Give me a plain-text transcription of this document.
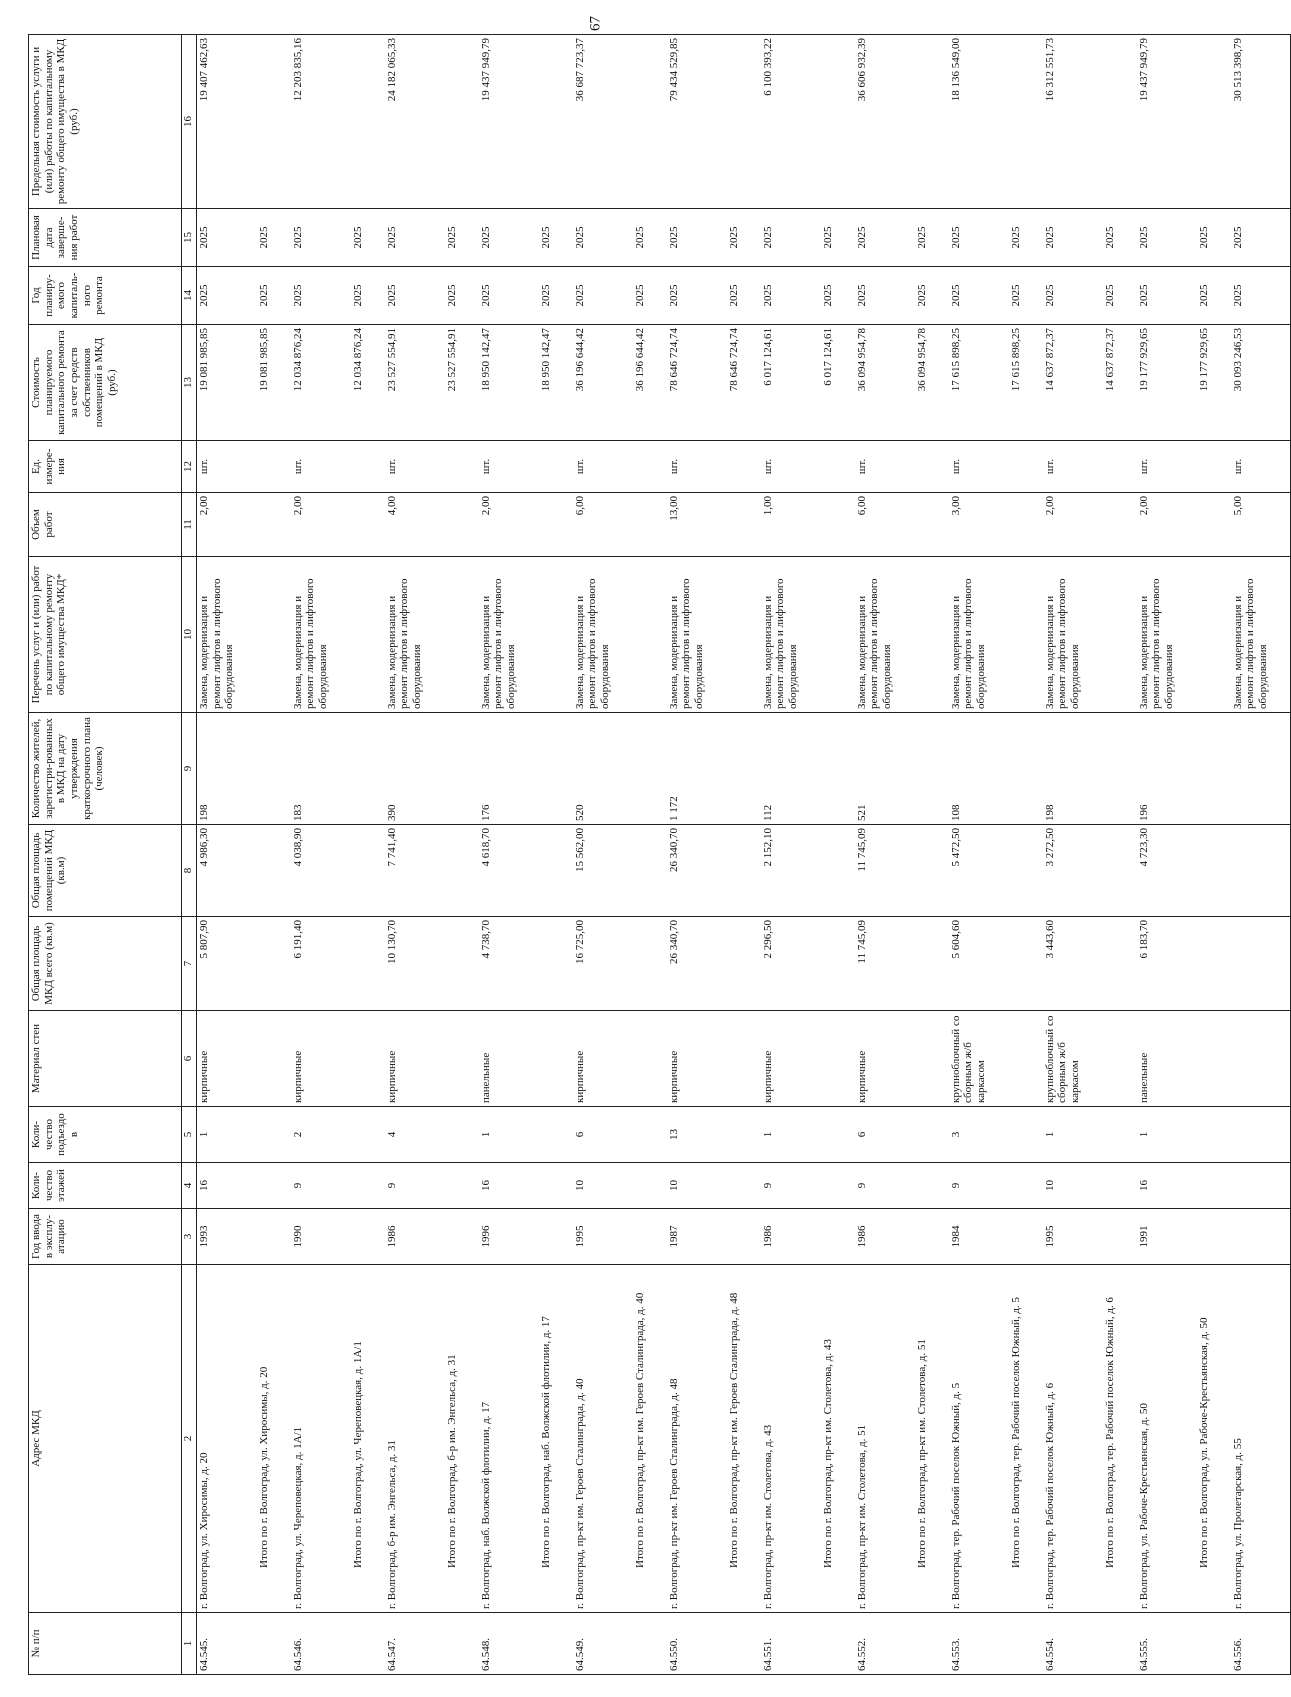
67
№ п/п	Адрес МКД	Год ввода в эксплу-атацию	Коли-чество этажей	Коли-чество подъездо в	Материал стен	Общая площадь МКД всего (кв.м)	Общая площадь помещений МКД (кв.м)	Количество жителей, зарегистри-рованных в МКД на дату утверждения краткосрочного плана (человек)	Перечень услуг и (или) работ по капитальному ремонту общего имущества МКД*	Объем работ	Ед. измере-ния	Стоимость планируемого капитального ремонта за счет средств собственников помещений в МКД (руб.)	Год планиру-емого капиталь-ного ремонта	Плановая дата заверше-ния работ	Предельная стоимость услуги и (или) работы по капитальному ремонту общего имущества в МКД (руб.)
1	2	3	4	5	6	7	8	9	10	11	12	13	14	15	16
64.545.	г. Волгоград, ул. Хиросимы, д. 20	1993	16	1	кирпичные	5 807,90	4 986,30	198	Замена, модернизация и ремонт лифтов и лифтового оборудования	2,00	шт.	19 081 985,85	2025	2025	19 407 462,63
	Итого по г. Волгоград, ул. Хиросимы, д. 20											19 081 985,85	2025	2025	
64.546.	г. Волгоград, ул. Череповецкая, д. 1А/1	1990	9	2	кирпичные	6 191,40	4 038,90	183	Замена, модернизация и ремонт лифтов и лифтового оборудования	2,00	шт.	12 034 876,24	2025	2025	12 203 835,16
	Итого по г. Волгоград, ул. Череповецкая, д. 1А/1											12 034 876,24	2025	2025	
64.547.	г. Волгоград, б-р им. Энгельса, д. 31	1986	9	4	кирпичные	10 130,70	7 741,40	390	Замена, модернизация и ремонт лифтов и лифтового оборудования	4,00	шт.	23 527 554,91	2025	2025	24 182 065,33
	Итого по г. Волгоград, б-р им. Энгельса, д. 31											23 527 554,91	2025	2025	
64.548.	г. Волгоград, наб. Волжской флотилии, д. 17	1996	16	1	панельные	4 738,70	4 618,70	176	Замена, модернизация и ремонт лифтов и лифтового оборудования	2,00	шт.	18 950 142,47	2025	2025	19 437 949,79
	Итого по г. Волгоград, наб. Волжской флотилии, д. 17											18 950 142,47	2025	2025	
64.549.	г. Волгоград, пр-кт им. Героев Сталинграда, д. 40	1995	10	6	кирпичные	16 725,00	15 562,00	520	Замена, модернизация и ремонт лифтов и лифтового оборудования	6,00	шт.	36 196 644,42	2025	2025	36 687 723,37
	Итого по г. Волгоград, пр-кт им. Героев Сталинграда, д. 40											36 196 644,42	2025	2025	
64.550.	г. Волгоград, пр-кт им. Героев Сталинграда, д. 48	1987	10	13	кирпичные	26 340,70	26 340,70	1 172	Замена, модернизация и ремонт лифтов и лифтового оборудования	13,00	шт.	78 646 724,74	2025	2025	79 434 529,85
	Итого по г. Волгоград, пр-кт им. Героев Сталинграда, д. 48											78 646 724,74	2025	2025	
64.551.	г. Волгоград, пр-кт им. Столетова, д. 43	1986	9	1	кирпичные	2 296,50	2 152,10	112	Замена, модернизация и ремонт лифтов и лифтового оборудования	1,00	шт.	6 017 124,61	2025	2025	6 100 393,22
	Итого по г. Волгоград, пр-кт им. Столетова, д. 43											6 017 124,61	2025	2025	
64.552.	г. Волгоград, пр-кт им. Столетова, д. 51	1986	9	6	кирпичные	11 745,09	11 745,09	521	Замена, модернизация и ремонт лифтов и лифтового оборудования	6,00	шт.	36 094 954,78	2025	2025	36 606 932,39
	Итого по г. Волгоград, пр-кт им. Столетова, д. 51											36 094 954,78	2025	2025	
64.553.	г. Волгоград, тер. Рабочий поселок Южный, д. 5	1984	9	3	крупноблочный со сборным ж/б каркасом	5 604,60	5 472,50	108	Замена, модернизация и ремонт лифтов и лифтового оборудования	3,00	шт.	17 615 898,25	2025	2025	18 136 549,00
	Итого по г. Волгоград, тер. Рабочий поселок Южный, д. 5											17 615 898,25	2025	2025	
64.554.	г. Волгоград, тер. Рабочий поселок Южный, д. 6	1995	10	1	крупноблочный со сборным ж/б каркасом	3 443,60	3 272,50	198	Замена, модернизация и ремонт лифтов и лифтового оборудования	2,00	шт.	14 637 872,37	2025	2025	16 312 551,73
	Итого по г. Волгоград, тер. Рабочий поселок Южный, д. 6											14 637 872,37	2025	2025	
64.555.	г. Волгоград, ул. Рабоче-Крестьянская, д. 50	1991	16	1	панельные	6 183,70	4 723,30	196	Замена, модернизация и ремонт лифтов и лифтового оборудования	2,00	шт.	19 177 929,65	2025	2025	19 437 949,79
	Итого по г. Волгоград, ул. Рабоче-Крестьянская, д. 50											19 177 929,65	2025	2025	
64.556.	г. Волгоград, ул. Пролетарская, д. 55								Замена, модернизация и ремонт лифтов и лифтового оборудования	5,00	шт.	30 093 246,53	2025	2025	30 513 398,79
